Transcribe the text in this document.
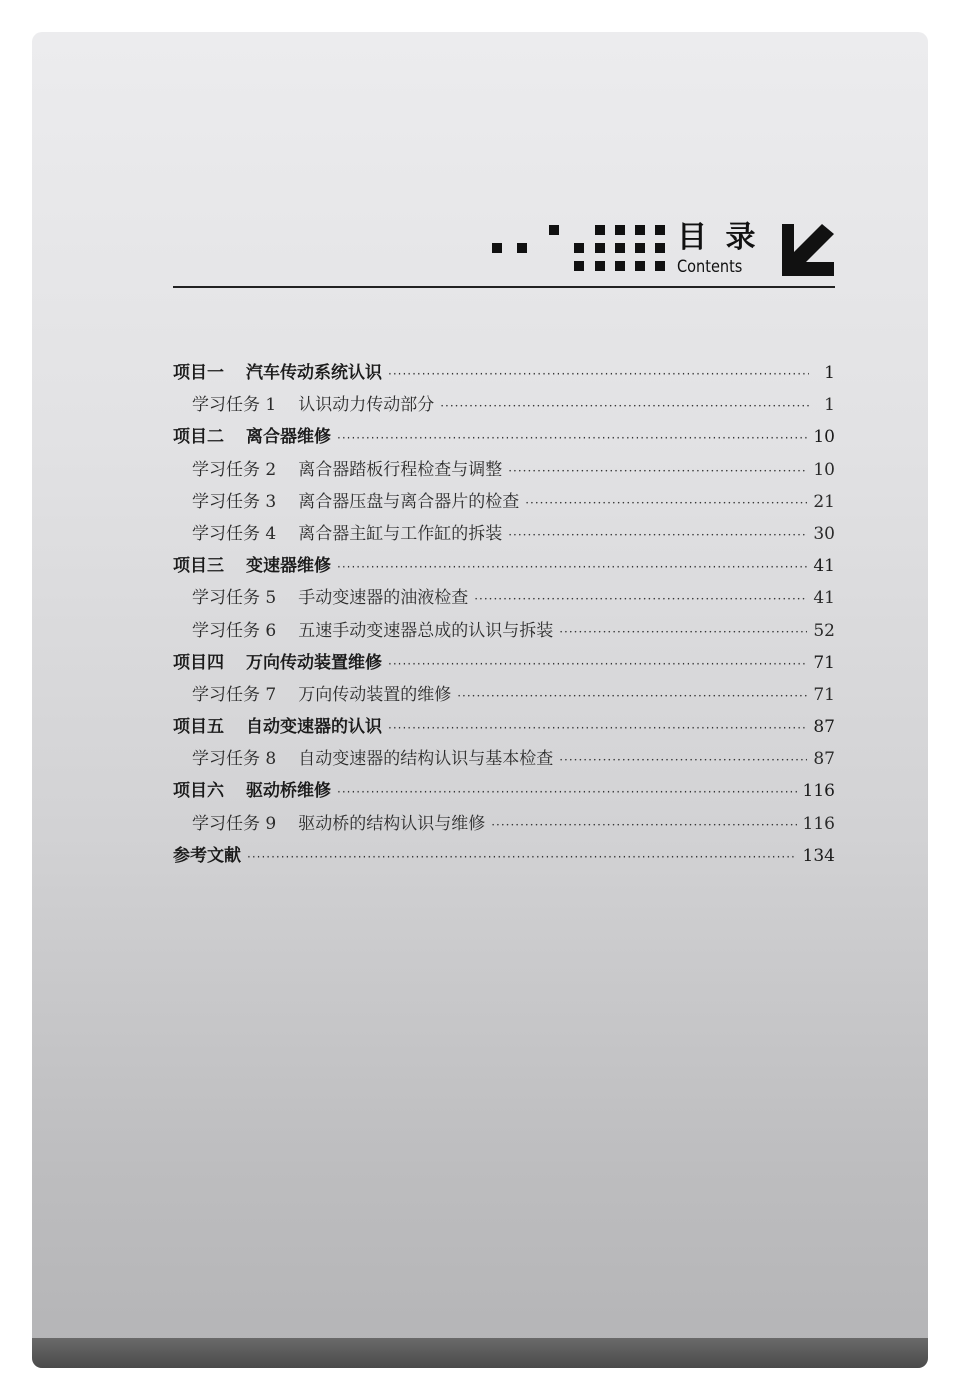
目 录
Contents
项目一 汽车传动系统认识 ·····	1
学习任务 1 认识动力传动部分 ·····	1
项目二 离合器维修 ·····	10
学习任务 2 离合器踏板行程检查与调整 ·····	10
学习任务 3 离合器压盘与离合器片的检查 ·····	21
学习任务 4 离合器主缸与工作缸的拆装 ·····	30
项目三 变速器维修 ·····	41
学习任务 5 手动变速器的油液检查 ·····	41
学习任务 6 五速手动变速器总成的认识与拆装 ·····	52
项目四 万向传动装置维修 ·····	71
学习任务 7 万向传动装置的维修 ·····	71
项目五 自动变速器的认识 ·····	87
学习任务 8 自动变速器的结构认识与基本检查 ·····	87
项目六 驱动桥维修 ·····	116
学习任务 9 驱动桥的结构认识与维修 ·····	116
参考文献 ·····	134
